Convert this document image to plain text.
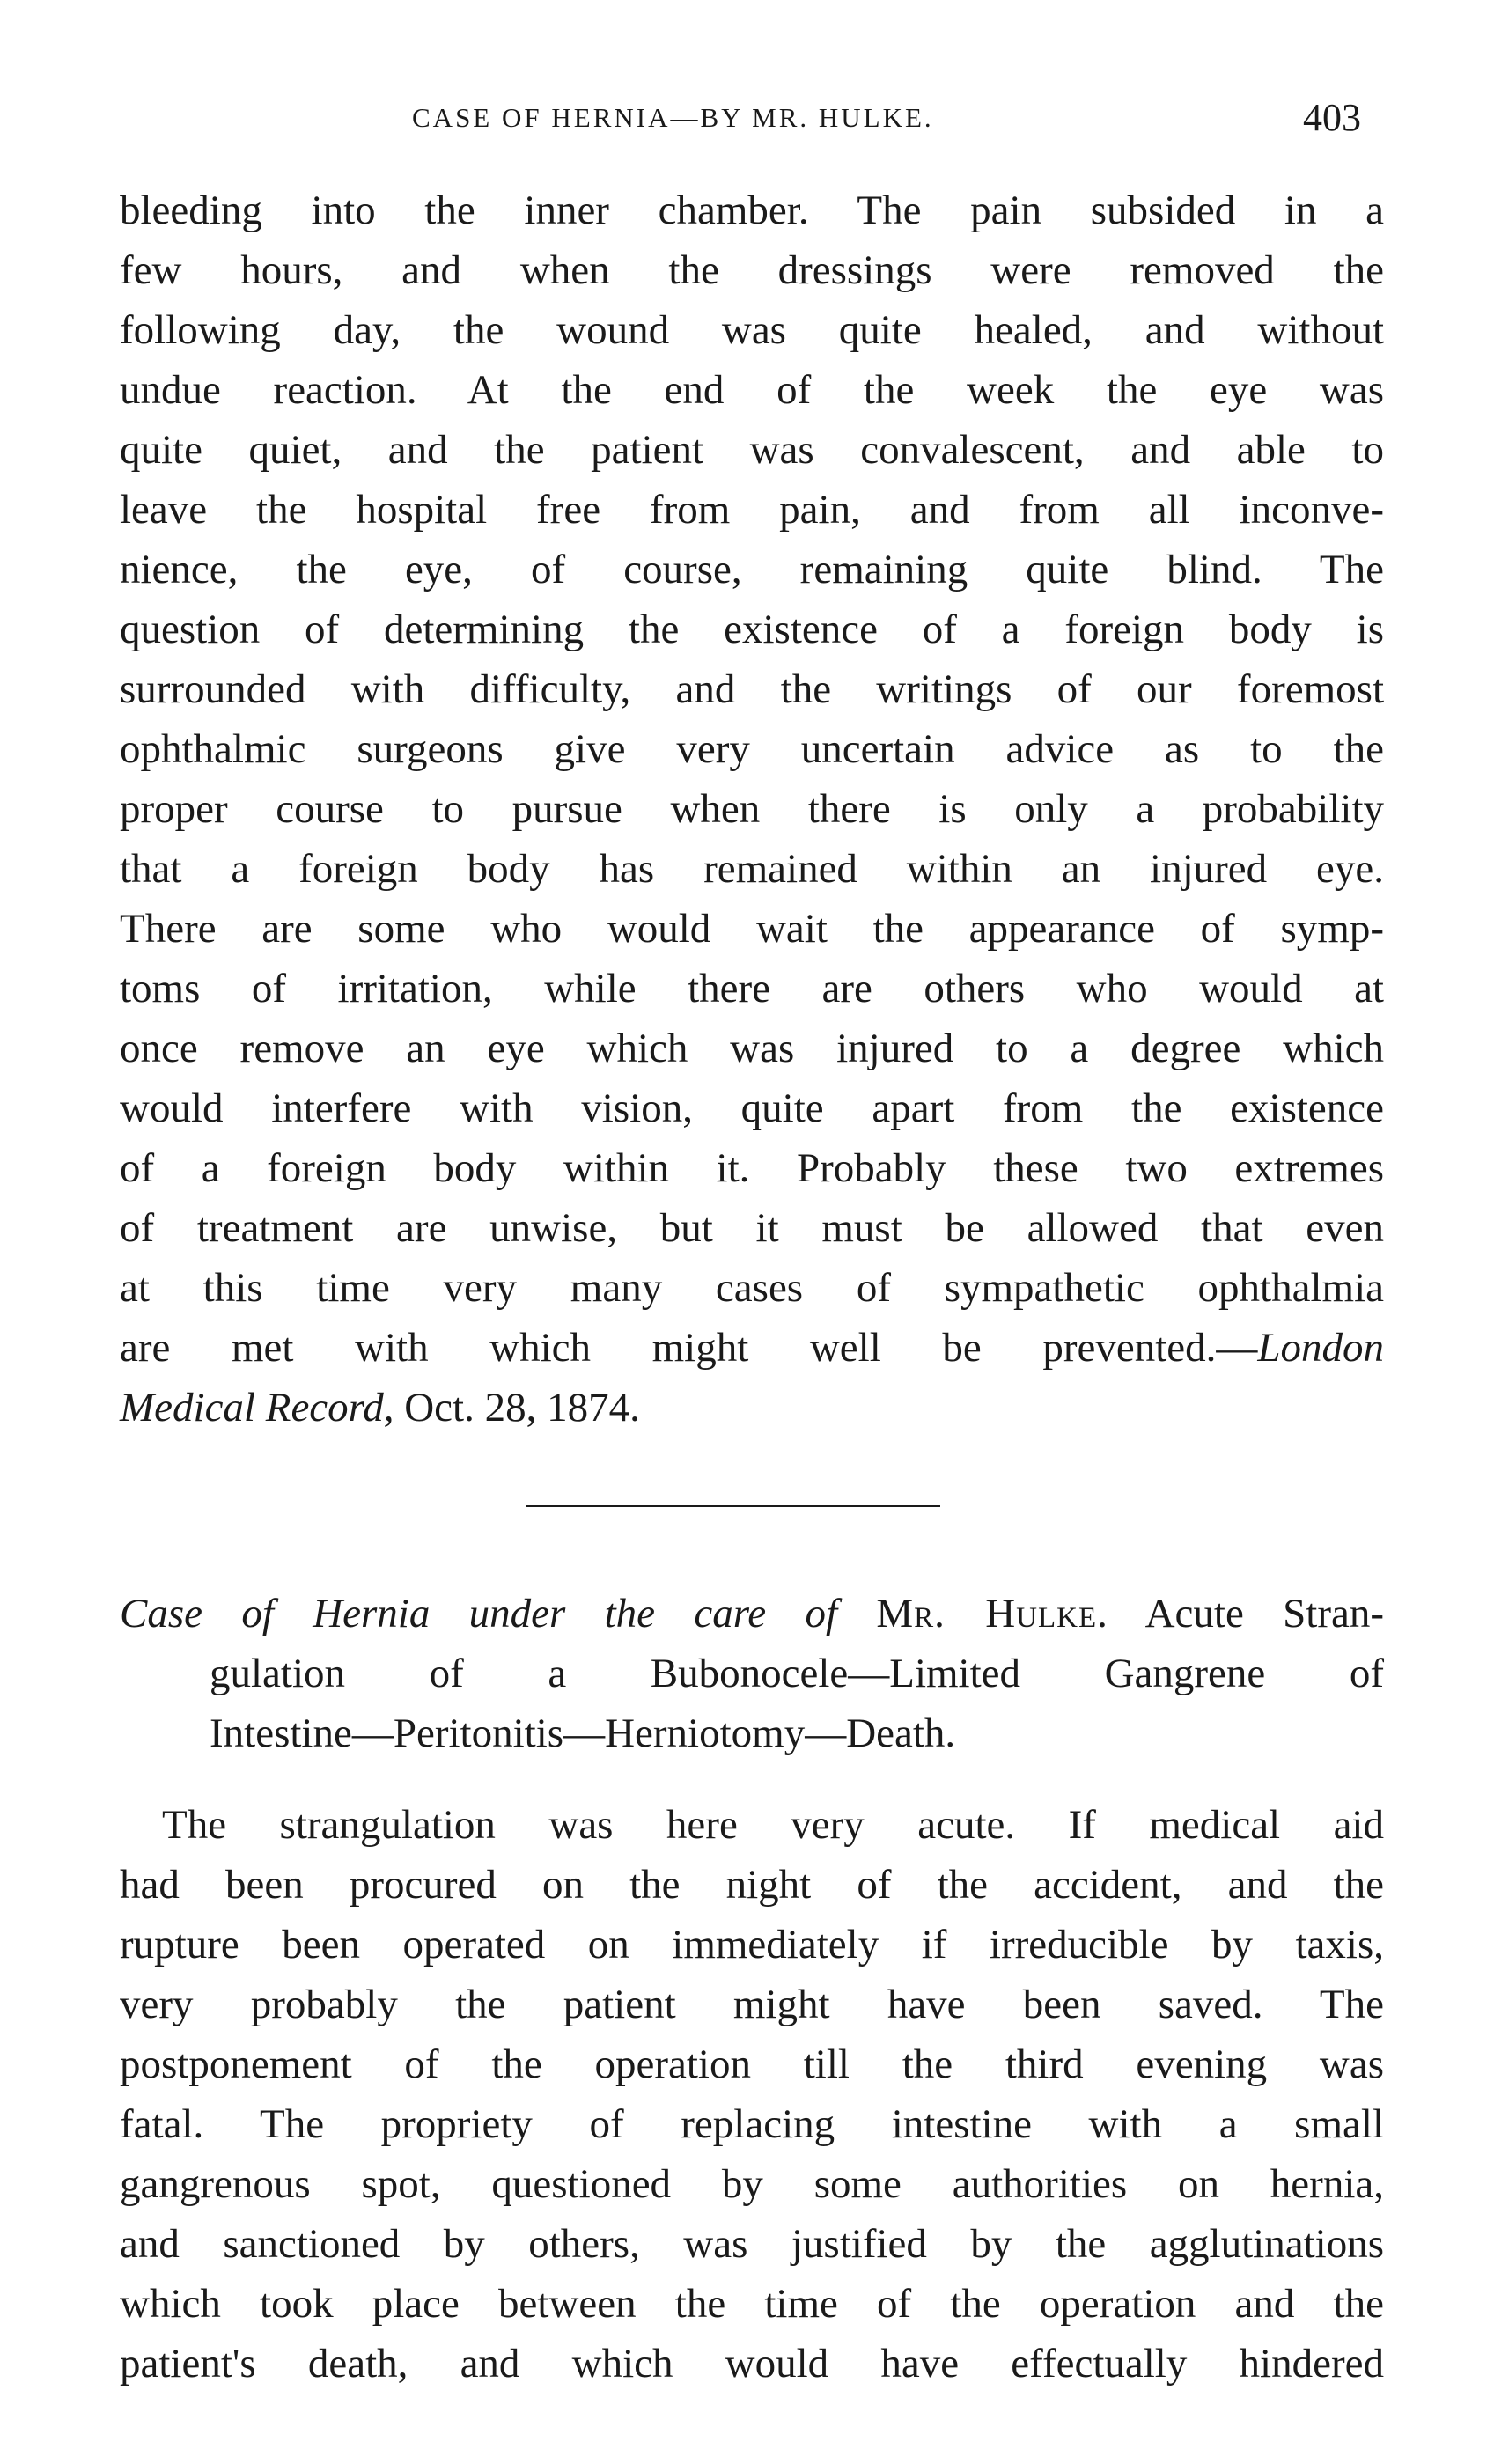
CASE OF HERNIA—BY MR. HULKE.	403
bleeding into the inner chamber. The pain subsided in a
few hours, and when the dressings were removed the
following day, the wound was quite healed, and without
undue reaction. At the end of the week the eye was
quite quiet, and the patient was convalescent, and able to
leave the hospital free from pain, and from all inconve-
nience, the eye, of course, remaining quite blind. The
question of determining the existence of a foreign body is
surrounded with difficulty, and the writings of our foremost
ophthalmic surgeons give very uncertain advice as to the
proper course to pursue when there is only a probability
that a foreign body has remained within an injured eye.
There are some who would wait the appearance of symp-
toms of irritation, while there are others who would at
once remove an eye which was injured to a degree which
would interfere with vision, quite apart from the existence
of a foreign body within it. Probably these two extremes
of treatment are unwise, but it must be allowed that even
at this time very many cases of sympathetic ophthalmia
are met with which might well be prevented.—London
Medical Record, Oct. 28, 1874.
Case of Hernia under the care of Mr. Hulke. Acute Stran-
gulation of a Bubonocele—Limited Gangrene of
Intestine—Peritonitis—Herniotomy—Death.
The strangulation was here very acute. If medical aid
had been procured on the night of the accident, and the
rupture been operated on immediately if irreducible by taxis,
very probably the patient might have been saved. The
postponement of the operation till the third evening was
fatal. The propriety of replacing intestine with a small
gangrenous spot, questioned by some authorities on hernia,
and sanctioned by others, was justified by the agglutinations
which took place between the time of the operation and the
patient's death, and which would have effectually hindered
